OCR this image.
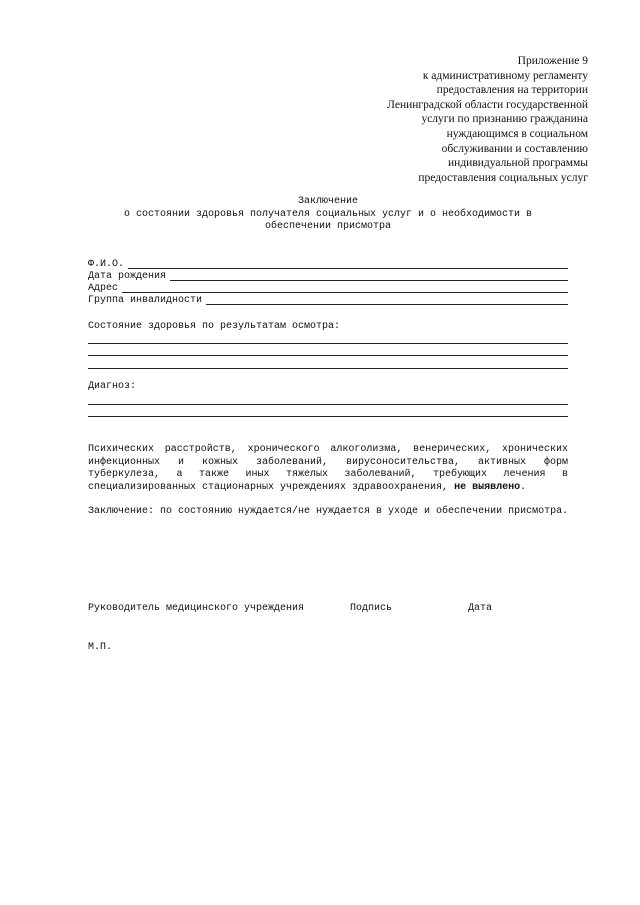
Приложение 9
к административному регламенту
предоставления на территории
Ленинградской области государственной
услуги по признанию гражданина
нуждающимся в социальном
обслуживании и составлению
индивидуальной программы
предоставления социальных услуг
Заключение
о состоянии здоровья получателя социальных услуг и о необходимости в
обеспечении присмотра
Ф.И.О.
Дата рождения
Адрес
Группа инвалидности
Состояние здоровья по результатам осмотра:
Диагноз:
Психических расстройств, хронического алкоголизма, венерических, хронических инфекционных и кожных заболеваний, вирусоносительства, активных форм туберкулеза, а также иных тяжелых заболеваний, требующих лечения в специализированных стационарных учреждениях здравоохранения, не выявлено.
Заключение: по состоянию нуждается/не нуждается в уходе и обеспечении присмотра.
Руководитель медицинского учреждения	Подпись	Дата
М.П.
